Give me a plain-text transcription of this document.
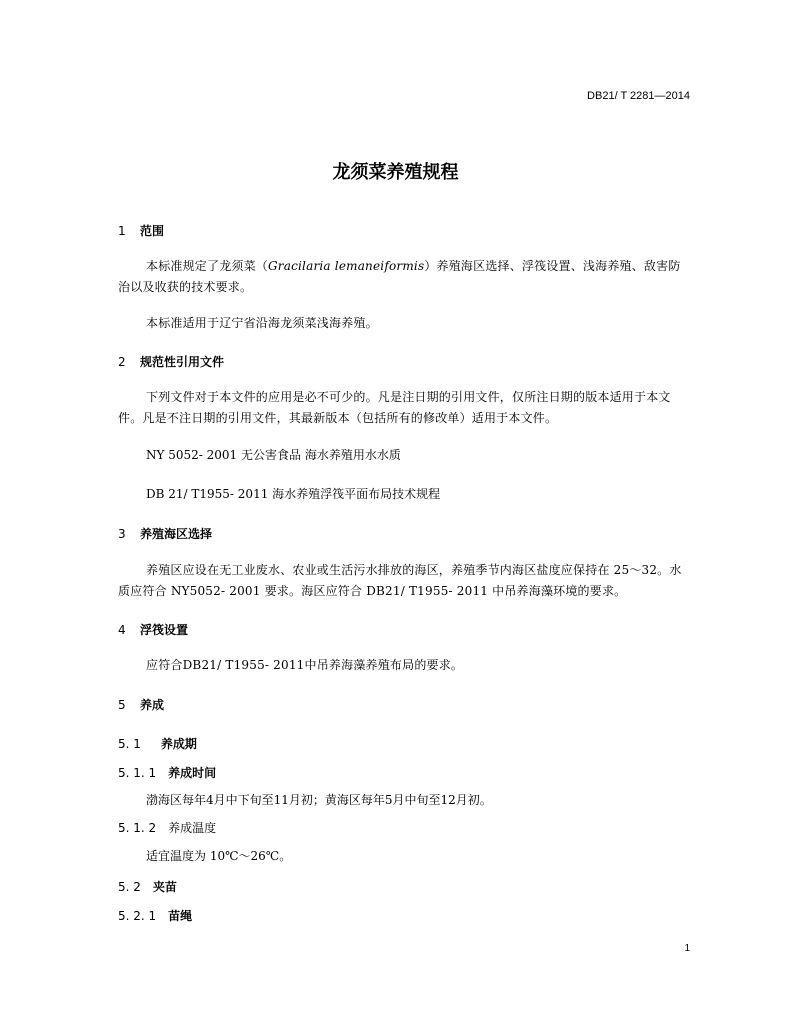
DB21/ T 2281—2014
龙须菜养殖规程
1 范围
本标准规定了龙须菜（Gracilaria lemaneiformis）养殖海区选择、浮筏设置、浅海养殖、敌害防治以及收获的技术要求。
本标准适用于辽宁省沿海龙须菜浅海养殖。
2 规范性引用文件
下列文件对于本文件的应用是必不可少的。凡是注日期的引用文件，仅所注日期的版本适用于本文件。凡是不注日期的引用文件，其最新版本（包括所有的修改单）适用于本文件。
NY 5052- 2001 无公害食品 海水养殖用水水质
DB 21/ T1955- 2011 海水养殖浮筏平面布局技术规程
3 养殖海区选择
养殖区应设在无工业废水、农业或生活污水排放的海区，养殖季节内海区盐度应保持在 25～32。水质应符合 NY5052- 2001 要求。海区应符合 DB21/ T1955- 2011 中吊养海藻环境的要求。
4 浮筏设置
应符合DB21/ T1955- 2011中吊养海藻养殖布局的要求。
5 养成
5. 1 养成期
5. 1. 1 养成时间
渤海区每年4月中下旬至11月初；黄海区每年5月中旬至12月初。
5. 1. 2 养成温度
适宜温度为 10℃～26℃。
5. 2 夹苗
5. 2. 1 苗绳
1
